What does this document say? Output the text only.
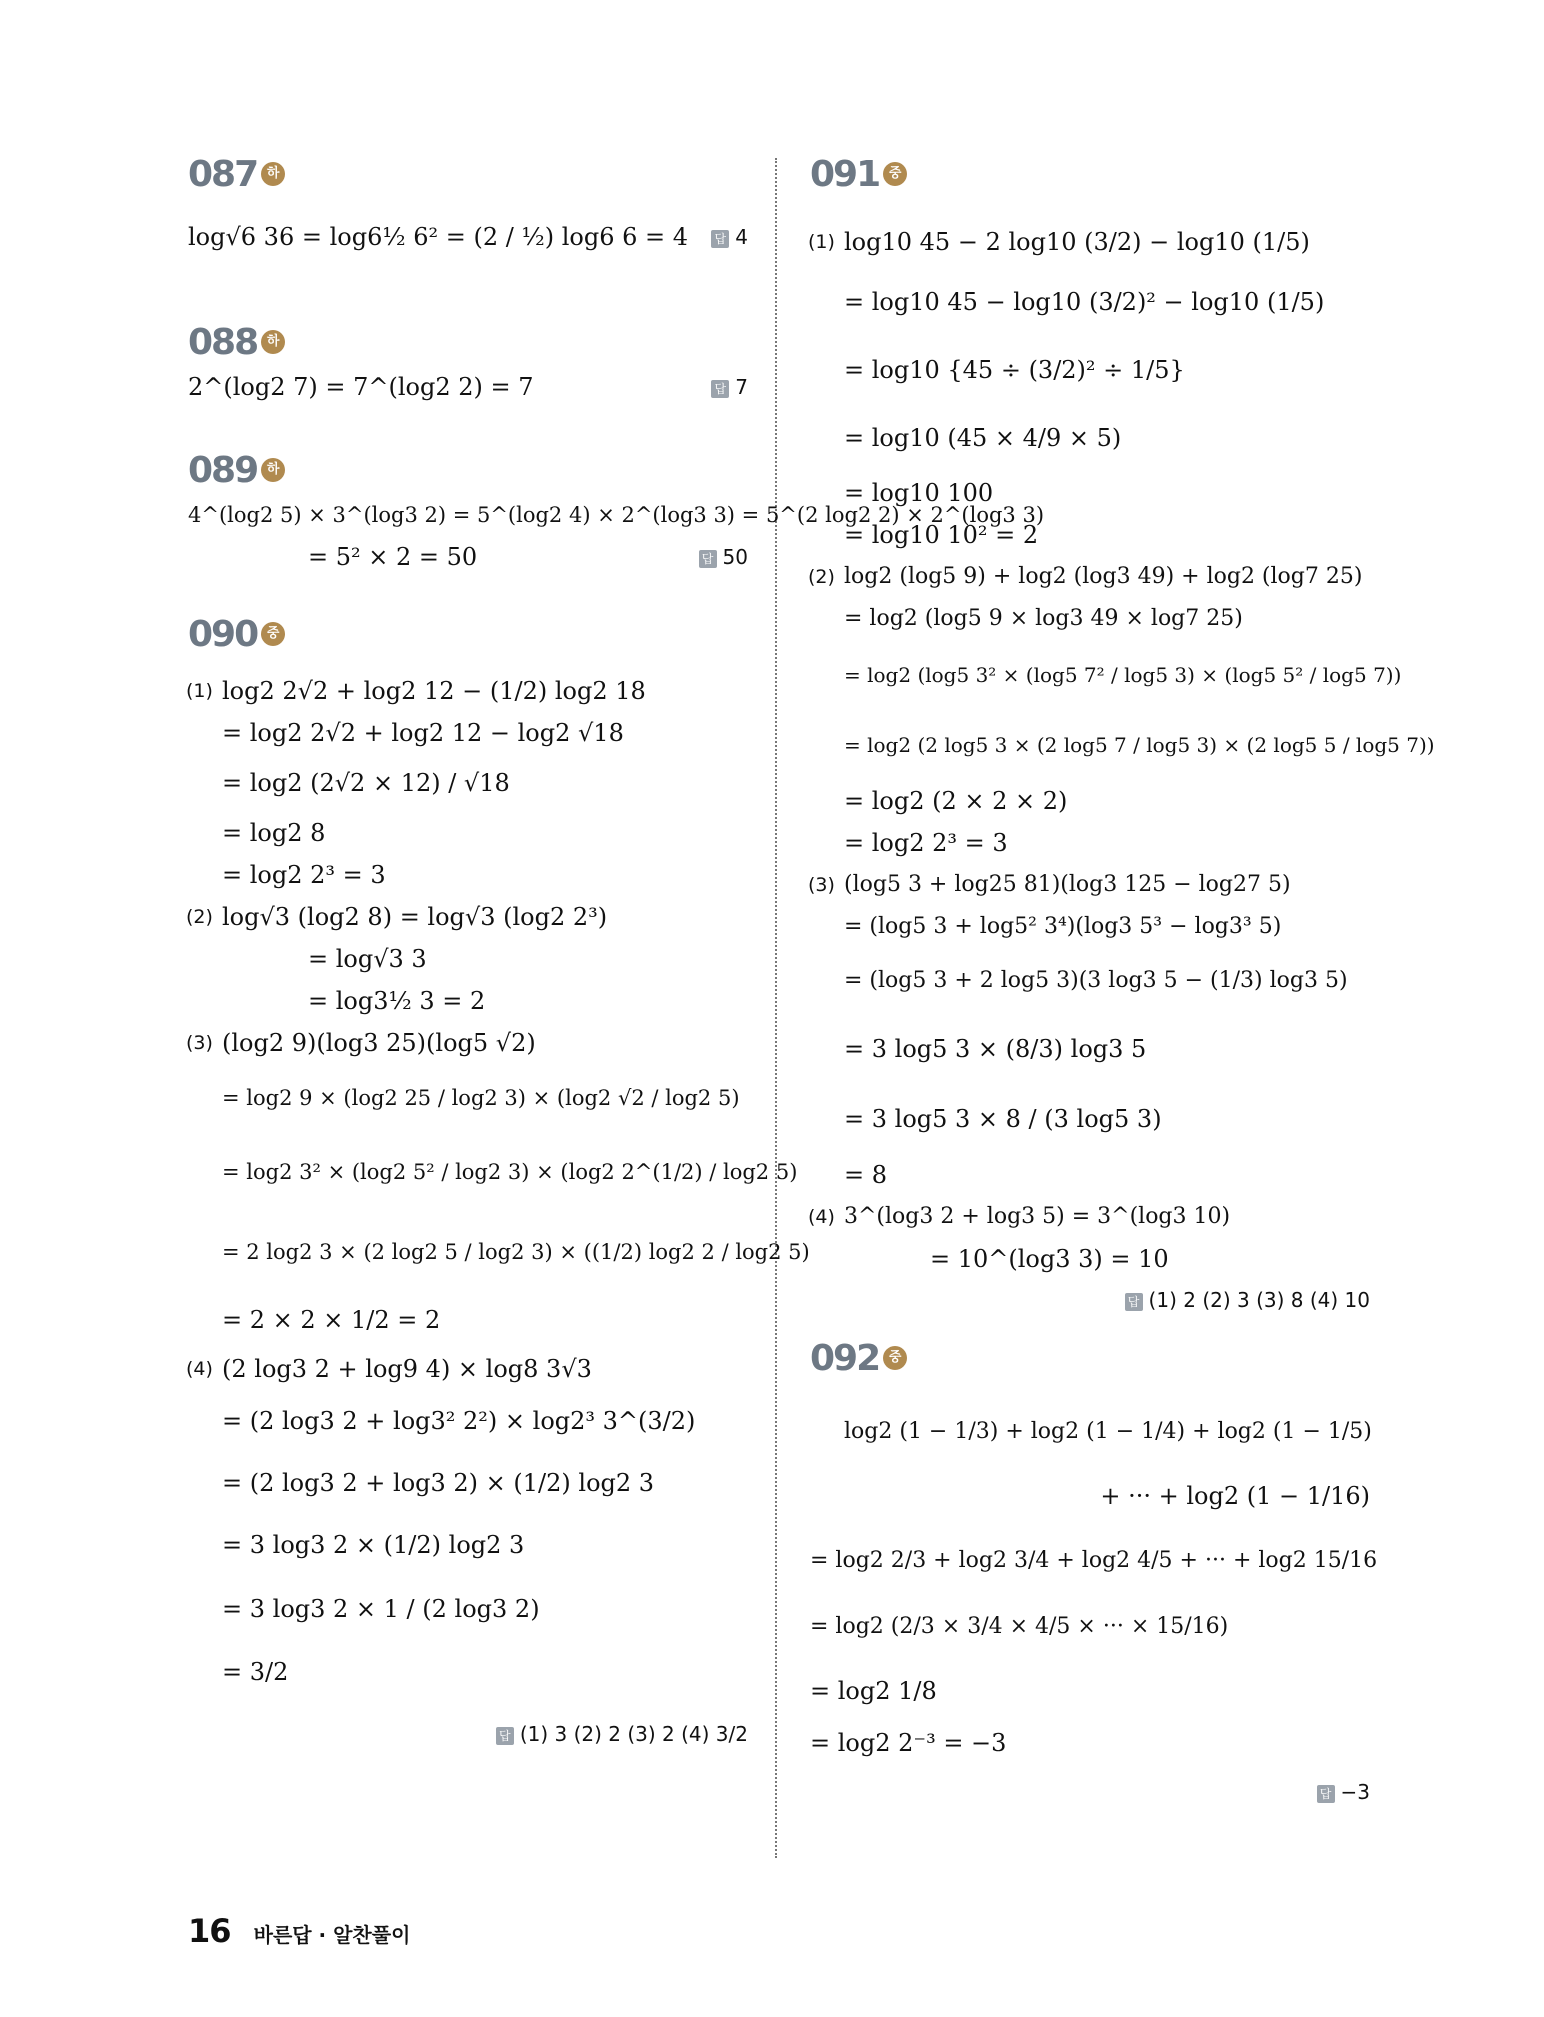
087 하
log√6 36 = log6½ 6² = (2 / ½) log6 6 = 4 답 4
088 하
2^(log2 7) = 7^(log2 2) = 7	답 7
089 하
4^(log2 5) × 3^(log3 2) = 5^(log2 4) × 2^(log3 3) = 5^(2 log2 2) × 2^(log3 3)
= 5² × 2 = 50	답 50
090 중
(1) log2 2√2 + log2 12 − (1/2) log2 18
= log2 2√2 + log2 12 − log2 √18
= log2 (2√2 × 12) / √18
= log2 8
= log2 2³ = 3
(2) log√3 (log2 8) = log√3 (log2 2³)
= log√3 3
= log3½ 3 = 2
(3) (log2 9)(log3 25)(log5 √2)
= log2 9 × (log2 25 / log2 3) × (log2 √2 / log2 5)
= log2 3² × (log2 5² / log2 3) × (log2 2^(1/2) / log2 5)
= 2 log2 3 × (2 log2 5 / log2 3) × ((1/2) log2 2 / log2 5)
= 2 × 2 × 1/2 = 2
(4) (2 log3 2 + log9 4) × log8 3√3
= (2 log3 2 + log3² 2²) × log2³ 3^(3/2)
= (2 log3 2 + log3 2) × (1/2) log2 3
= 3 log3 2 × (1/2) log2 3
= 3 log3 2 × 1 / (2 log3 2)
= 3/2
답 (1) 3 (2) 2 (3) 2 (4) 3/2
091 중
(1) log10 45 − 2 log10 (3/2) − log10 (1/5)
= log10 45 − log10 (3/2)² − log10 (1/5)
= log10 {45 ÷ (3/2)² ÷ 1/5}
= log10 (45 × 4/9 × 5)
= log10 100
= log10 10² = 2
(2) log2 (log5 9) + log2 (log3 49) + log2 (log7 25)
= log2 (log5 9 × log3 49 × log7 25)
= log2 (log5 3² × (log5 7² / log5 3) × (log5 5² / log5 7))
= log2 (2 log5 3 × (2 log5 7 / log5 3) × (2 log5 5 / log5 7))
= log2 (2 × 2 × 2)
= log2 2³ = 3
(3) (log5 3 + log25 81)(log3 125 − log27 5)
= (log5 3 + log5² 3⁴)(log3 5³ − log3³ 5)
= (log5 3 + 2 log5 3)(3 log3 5 − (1/3) log3 5)
= 3 log5 3 × (8/3) log3 5
= 3 log5 3 × 8 / (3 log5 3)
= 8
(4) 3^(log3 2 + log3 5) = 3^(log3 10)
= 10^(log3 3) = 10
답 (1) 2 (2) 3 (3) 8 (4) 10
092 중
log2 (1 − 1/3) + log2 (1 − 1/4) + log2 (1 − 1/5)
+ ··· + log2 (1 − 1/16)
= log2 2/3 + log2 3/4 + log2 4/5 + ··· + log2 15/16
= log2 (2/3 × 3/4 × 4/5 × ··· × 15/16)
= log2 1/8
= log2 2⁻³ = −3
답 −3
16 바른답 · 알찬풀이
